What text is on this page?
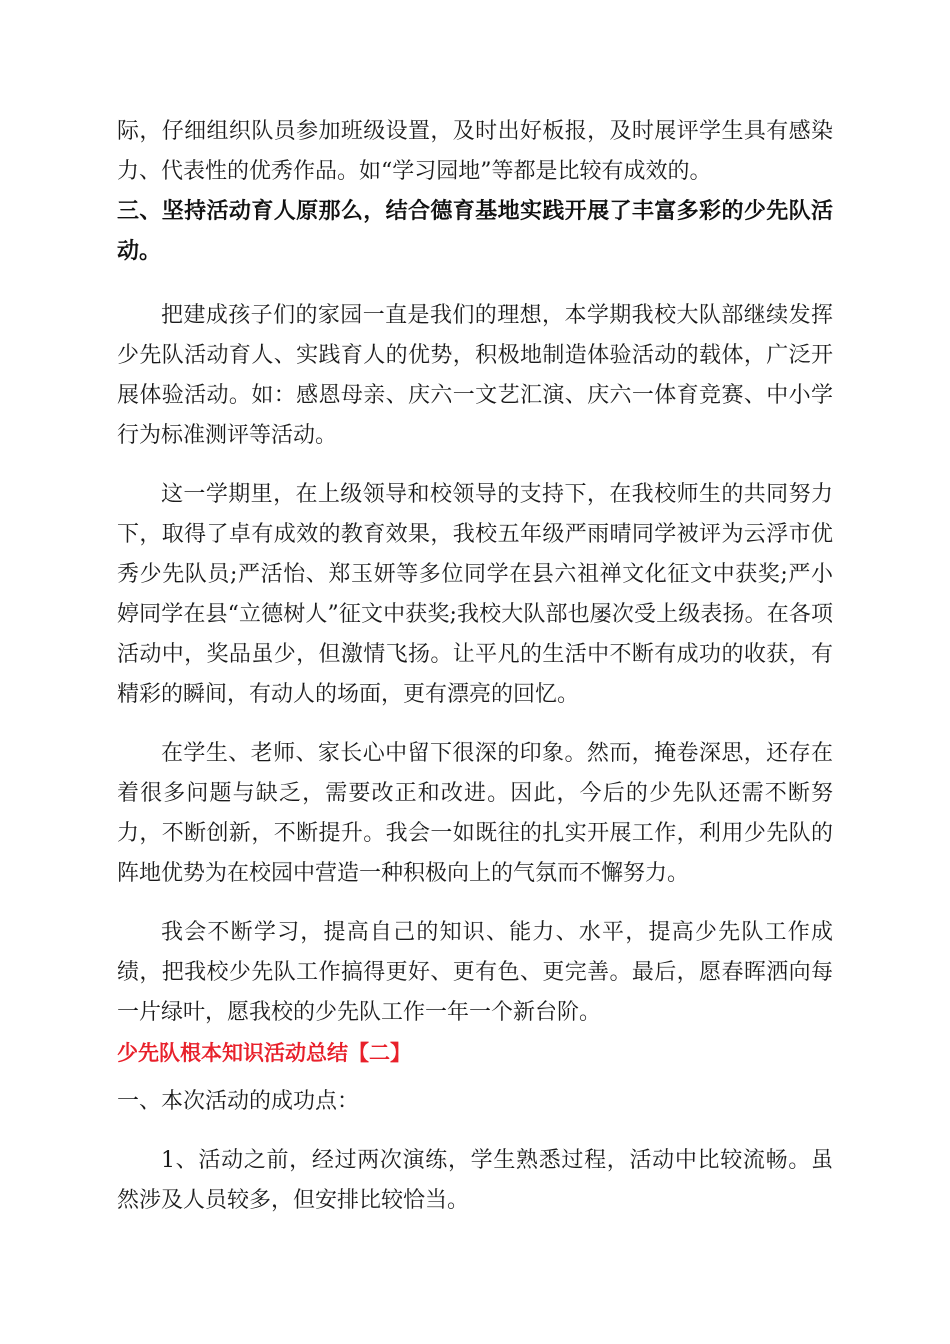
际，仔细组织队员参加班级设置，及时出好板报，及时展评学生具有感染力、代表性的优秀作品。如“学习园地”等都是比较有成效的。

三、坚持活动育人原那么，结合德育基地实践开展了丰富多彩的少先队活动。

把建成孩子们的家园一直是我们的理想，本学期我校大队部继续发挥少先队活动育人、实践育人的优势，积极地制造体验活动的载体，广泛开展体验活动。如：感恩母亲、庆六一文艺汇演、庆六一体育竞赛、中小学行为标准测评等活动。

这一学期里，在上级领导和校领导的支持下，在我校师生的共同努力下，取得了卓有成效的教育效果，我校五年级严雨晴同学被评为云浮市优秀少先队员;严活怡、郑玉妍等多位同学在县六祖禅文化征文中获奖;严小婷同学在县“立德树人”征文中获奖;我校大队部也屡次受上级表扬。在各项活动中，奖品虽少，但激情飞扬。让平凡的生活中不断有成功的收获，有精彩的瞬间，有动人的场面，更有漂亮的回忆。

在学生、老师、家长心中留下很深的印象。然而，掩卷深思，还存在着很多问题与缺乏，需要改正和改进。因此，今后的少先队还需不断努力，不断创新，不断提升。我会一如既往的扎实开展工作，利用少先队的阵地优势为在校园中营造一种积极向上的气氛而不懈努力。

我会不断学习，提高自己的知识、能力、水平，提高少先队工作成绩，把我校少先队工作搞得更好、更有色、更完善。最后，愿春晖洒向每一片绿叶，愿我校的少先队工作一年一个新台阶。

少先队根本知识活动总结【二】

一、本次活动的成功点：

1、活动之前，经过两次演练，学生熟悉过程，活动中比较流畅。虽然涉及人员较多，但安排比较恰当。
